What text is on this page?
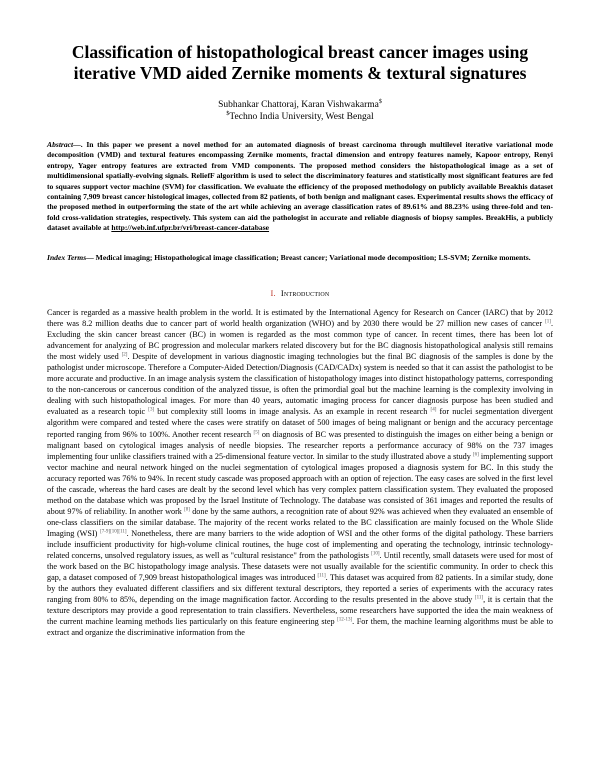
Classification of histopathological breast cancer images using iterative VMD aided Zernike moments & textural signatures
Subhankar Chattoraj, Karan Vishwakarma$
$Techno India University, West Bengal
Abstract—. In this paper we present a novel method for an automated diagnosis of breast carcinoma through multilevel iterative variational mode decomposition (VMD) and textural features encompassing Zernike moments, fractal dimension and entropy features namely, Kapoor entropy, Renyi entropy, Yager entropy features are extracted from VMD components. The proposed method considers the histopathological image as a set of multidimensional spatially-evolving signals. ReliefF algorithm is used to select the discriminatory features and statistically most significant features are fed to squares support vector machine (SVM) for classification. We evaluate the efficiency of the proposed methodology on publicly available Breakhis dataset containing 7,909 breast cancer histological images, collected from 82 patients, of both benign and malignant cases. Experimental results shows the efficacy of the proposed method in outperforming the state of the art while achieving an average classification rates of 89.61% and 88.23% using three-fold and ten-fold cross-validation strategies, respectively. This system can aid the pathologist in accurate and reliable diagnosis of biopsy samples. BreakHis, a publicly dataset available at http://web.inf.ufpr.br/vri/breast-cancer-database
Index Terms— Medical imaging; Histopathological image classification; Breast cancer; Variational mode decomposition; LS-SVM; Zernike moments.
I. Introduction
Cancer is regarded as a massive health problem in the world. It is estimated by the International Agency for Research on Cancer (IARC) that by 2012 there was 8.2 million deaths due to cancer part of world health organization (WHO) and by 2030 there would be 27 million new cases of cancer [1]. Excluding the skin cancer breast cancer (BC) in women is regarded as the most common type of cancer. In recent times, there has been lot of advancement for analyzing of BC progression and molecular markers related discovery but for the BC diagnosis histopathological analysis still remains the most widely used [2]. Despite of development in various diagnostic imaging technologies but the final BC diagnosis of the samples is done by the pathologist under microscope. Therefore a Computer-Aided Detection/Diagnosis (CAD/CADx) system is needed so that it can assist the pathologist to be more accurate and productive. In an image analysis system the classification of histopathology images into distinct histopathology patterns, corresponding to the non-cancerous or cancerous condition of the analyzed tissue, is often the primordial goal but the machine learning is the complexity involving in dealing with such histopathological images. For more than 40 years, automatic imaging process for cancer diagnosis purpose has been studied and evaluated as a research topic [3] but complexity still looms in image analysis. As an example in recent research [4] for nuclei segmentation divergent algorithm were compared and tested where the cases were stratify on dataset of 500 images of being malignant or benign and the accuracy percentage reported ranging from 96% to 100%. Another recent research [5] on diagnosis of BC was presented to distinguish the images on either being a benign or malignant based on cytological images analysis of needle biopsies. The researcher reports a performance accuracy of 98% on the 737 images implementing four unlike classifiers trained with a 25-dimensional feature vector. In similar to the study illustrated above a study [6] implementing support vector machine and neural network hinged on the nuclei segmentation of cytological images proposed a diagnosis system for BC. In this study the accuracy reported was 76% to 94%. In recent study cascade was proposed approach with an option of rejection. The easy cases are solved in the first level of the cascade, whereas the hard cases are dealt by the second level which has very complex pattern classification system. They evaluated the proposed method on the database which was proposed by the Israel Institute of Technology. The database was consisted of 361 images and reported the results of about 97% of reliability. In another work [8] done by the same authors, a recognition rate of about 92% was achieved when they evaluated an ensemble of one-class classifiers on the similar database. The majority of the recent works related to the BC classification are mainly focused on the Whole Slide Imaging (WSI) [7-9][10][11]. Nonetheless, there are many barriers to the wide adoption of WSI and the other forms of the digital pathology. These barriers include insufficient productivity for high-volume clinical routines, the huge cost of implementing and operating the technology, intrinsic technology-related concerns, unsolved regulatory issues, as well as "cultural resistance" from the pathologists [10]. Until recently, small datasets were used for most of the work based on the BC histopathology image analysis. These datasets were not usually available for the scientific community. In order to check this gap, a dataset composed of 7,909 breast histopathological images was introduced [11]. This dataset was acquired from 82 patients. In a similar study, done by the authors they evaluated different classifiers and six different textural descriptors, they reported a series of experiments with the accuracy rates ranging from 80% to 85%, depending on the image magnification factor. According to the results presented in the above study [11], it is certain that the texture descriptors may provide a good representation to train classifiers. Nevertheless, some researchers have supported the idea the main weakness of the current machine learning methods lies particularly on this feature engineering step [12-13]. For them, the machine learning algorithms must be able to extract and organize the discriminative information from the
